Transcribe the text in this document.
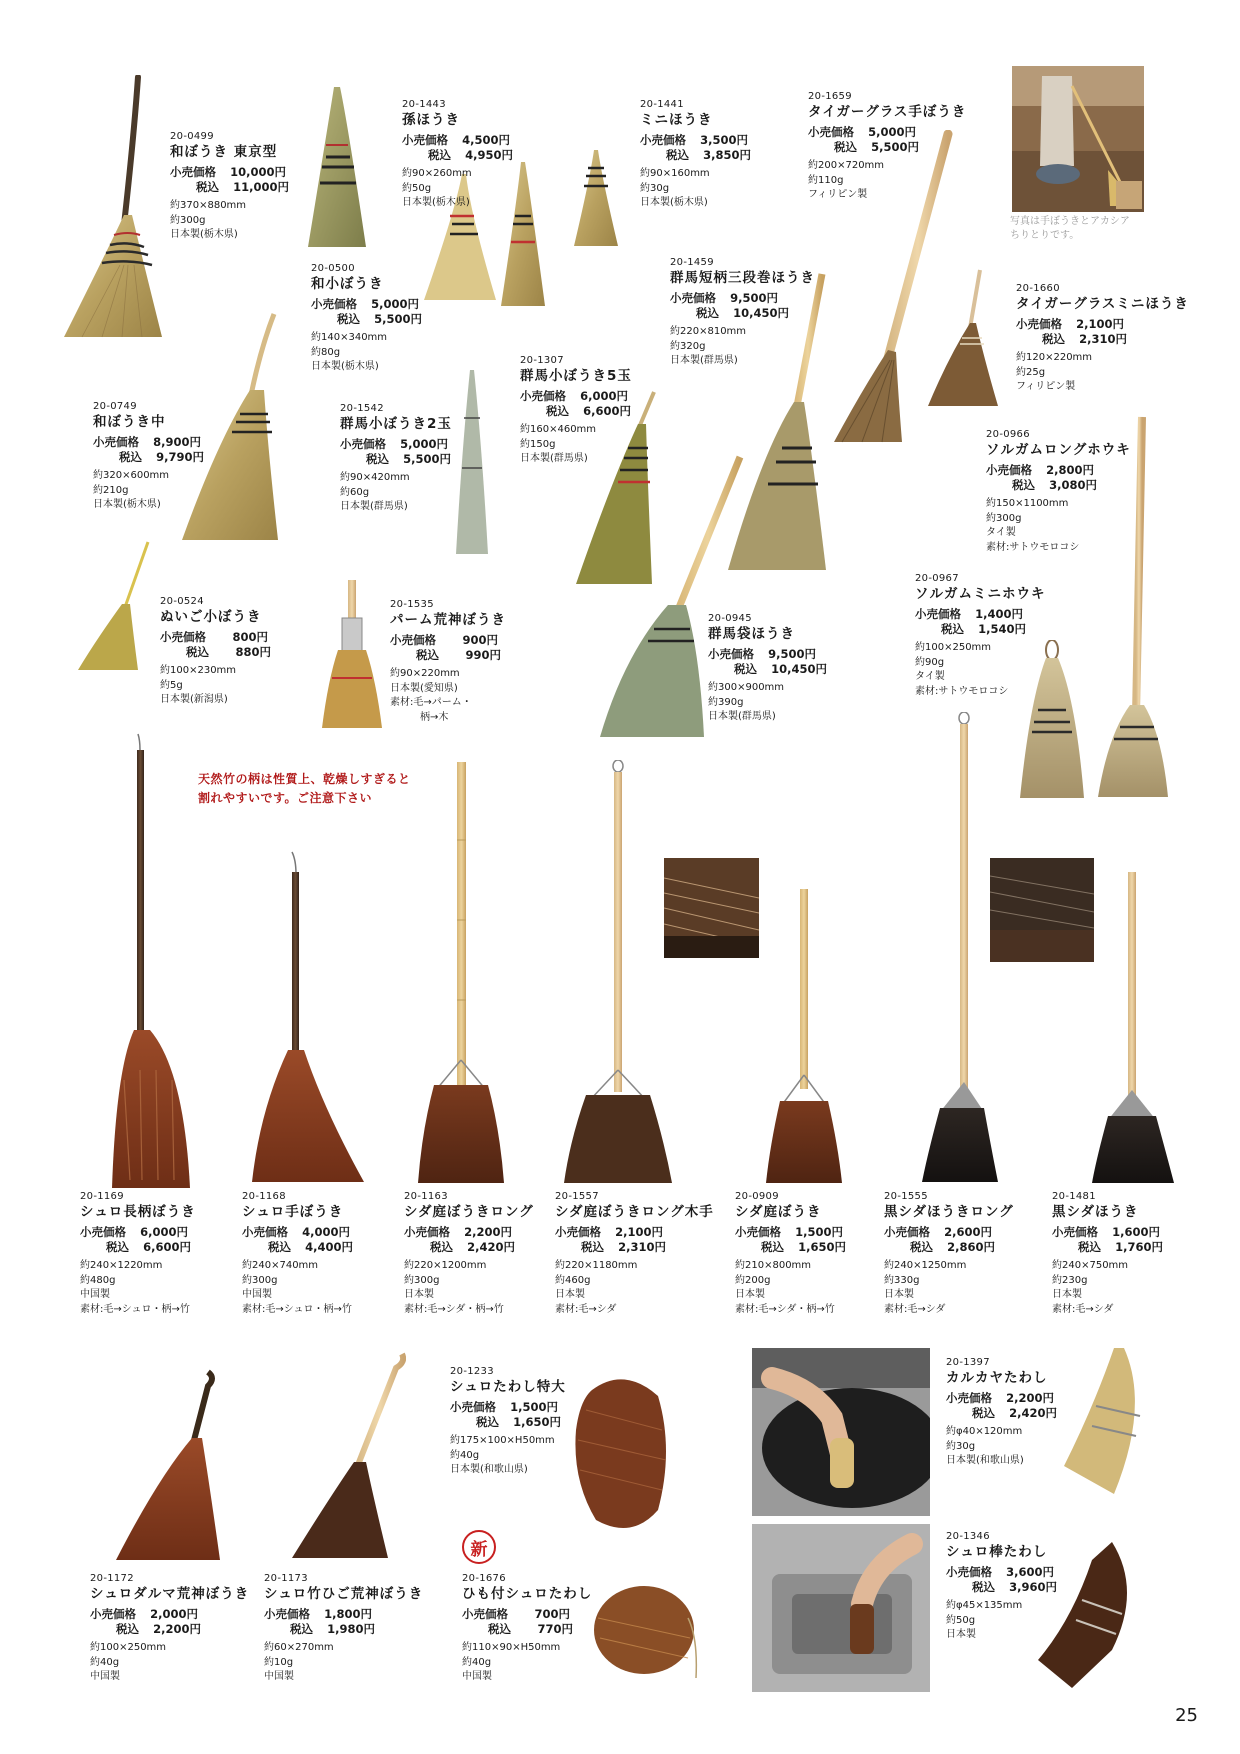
天然竹の柄は性質上、乾燥しすぎると
割れやすいです。ご注意下さい
写真は手ぼうきとアカシア
ちりとりです。
新
20-0499
和ぼうき 東京型
小売価格	10,000円
税込	11,000円
約370×880mm
約300g
日本製(栃木県)
20-1443
孫ほうき
小売価格	4,500円
税込	4,950円
約90×260mm
約50g
日本製(栃木県)
20-1441
ミニほうき
小売価格	3,500円
税込	3,850円
約90×160mm
約30g
日本製(栃木県)
20-1659
タイガーグラス手ぼうき
小売価格	5,000円
税込	5,500円
約200×720mm
約110g
フィリピン製
20-0500
和小ぼうき
小売価格	5,000円
税込	5,500円
約140×340mm
約80g
日本製(栃木県)
20-1459
群馬短柄三段巻ほうき
小売価格	9,500円
税込	10,450円
約220×810mm
約320g
日本製(群馬県)
20-1660
タイガーグラスミニほうき
小売価格	2,100円
税込	2,310円
約120×220mm
約25g
フィリピン製
20-0749
和ぼうき中
小売価格	8,900円
税込	9,790円
約320×600mm
約210g
日本製(栃木県)
20-1542
群馬小ぼうき2玉
小売価格	5,000円
税込	5,500円
約90×420mm
約60g
日本製(群馬県)
20-1307
群馬小ぼうき5玉
小売価格	6,000円
税込	6,600円
約160×460mm
約150g
日本製(群馬県)
20-0966
ソルガムロングホウキ
小売価格	2,800円
税込	3,080円
約150×1100mm
約300g
タイ製
素材:サトウモロコシ
20-0524
ぬいご小ぼうき
小売価格	800円
税込	880円
約100×230mm
約5g
日本製(新潟県)
20-1535
パーム荒神ぼうき
小売価格	900円
税込	990円
約90×220mm
日本製(愛知県)
素材:毛→パーム・
　　　柄→木
20-0945
群馬袋ほうき
小売価格	9,500円
税込	10,450円
約300×900mm
約390g
日本製(群馬県)
20-0967
ソルガムミニホウキ
小売価格	1,400円
税込	1,540円
約100×250mm
約90g
タイ製
素材:サトウモロコシ
20-1169
シュロ長柄ぼうき
小売価格	6,000円
税込	6,600円
約240×1220mm
約480g
中国製
素材:毛→シュロ・柄→竹
20-1168
シュロ手ぼうき
小売価格	4,000円
税込	4,400円
約240×740mm
約300g
中国製
素材:毛→シュロ・柄→竹
20-1163
シダ庭ぼうきロング
小売価格	2,200円
税込	2,420円
約220×1200mm
約300g
日本製
素材:毛→シダ・柄→竹
20-1557
シダ庭ぼうきロング木手
小売価格	2,100円
税込	2,310円
約220×1180mm
約460g
日本製
素材:毛→シダ
20-0909
シダ庭ぼうき
小売価格	1,500円
税込	1,650円
約210×800mm
約200g
日本製
素材:毛→シダ・柄→竹
20-1555
黒シダほうきロング
小売価格	2,600円
税込	2,860円
約240×1250mm
約330g
日本製
素材:毛→シダ
20-1481
黒シダほうき
小売価格	1,600円
税込	1,760円
約240×750mm
約230g
日本製
素材:毛→シダ
20-1172
シュロダルマ荒神ぼうき
小売価格	2,000円
税込	2,200円
約100×250mm
約40g
中国製
20-1173
シュロ竹ひご荒神ぼうき
小売価格	1,800円
税込	1,980円
約60×270mm
約10g
中国製
20-1233
シュロたわし特大
小売価格	1,500円
税込	1,650円
約175×100×H50mm
約40g
日本製(和歌山県)
20-1676
ひも付シュロたわし
小売価格	700円
税込	770円
約110×90×H50mm
約40g
中国製
20-1397
カルカヤたわし
小売価格	2,200円
税込	2,420円
約φ40×120mm
約30g
日本製(和歌山県)
20-1346
シュロ棒たわし
小売価格	3,600円
税込	3,960円
約φ45×135mm
約50g
日本製
25
